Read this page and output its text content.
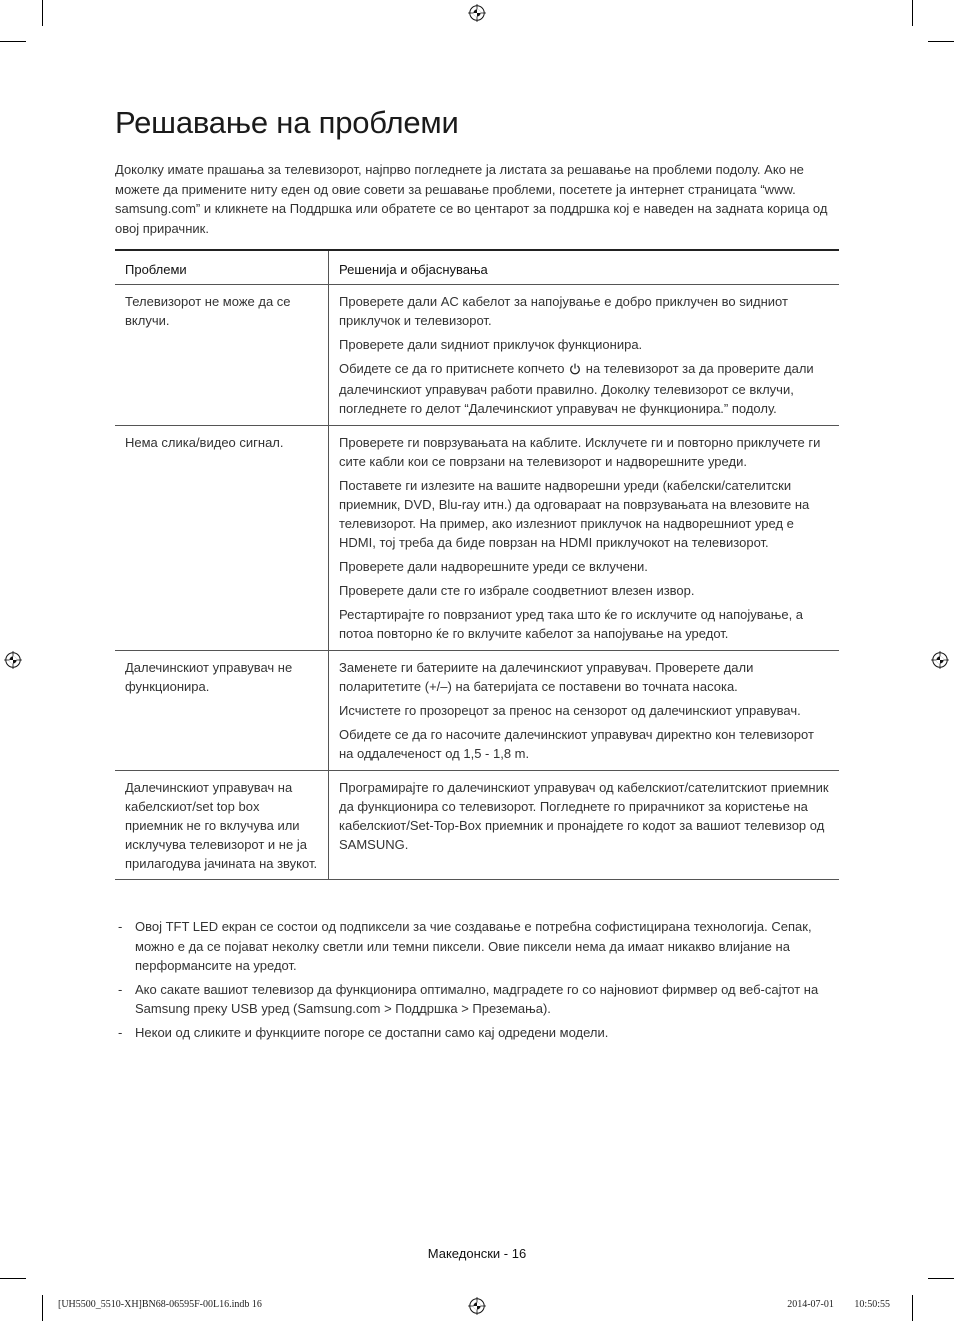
Решавање на проблеми

Доколку имате прашања за телевизорот, најпрво погледнете ја листата за решавање на проблеми подолу. Ако не можете да примените ниту еден од овие совети за решавање проблеми, посетете ја интернет страницата “www. samsung.com” и кликнете на Поддршка или обратете се во центарот за поддршка кој е наведен на задната корица од овој прирачник.

Проблеми	Решенија и објаснувања
Телевизорот не може да се вклучи.	Проверете дали AC кабелот за напојување е добро приклучен во ѕидниот приклучок и телевизорот.

Проверете дали ѕидниот приклучок функционира.

Обидете се да го притиснете копчето на телевизорот за да проверите дали далечинскиот управувач работи правилно. Доколку телевизорот се вклучи, погледнете го делот “Далечинскиот управувач не функционира.” подолу.

Нема слика/видео сигнал.	Проверете ги поврзувањата на каблите. Исклучете ги и повторно приклучете ги сите кабли кои се поврзани на телевизорот и надворешните уреди.

Поставете ги излезите на вашите надворешни уреди (кабелски/сателитски приемник, DVD, Blu-ray итн.) да одговараат на поврзувањата на влезовите на телевизорот. На пример, ако излезниот приклучок на надворешниот уред е HDMI, тој треба да биде поврзан на HDMI приклучокот на телевизорот.

Проверете дали надворешните уреди се вклучени.

Проверете дали сте го избрале соодветниот влезен извор.

Рестартирајте го поврзаниот уред така што ќе го исклучите од напојување, а потоа повторно ќе го вклучите кабелот за напојување на уредот.

Далечинскиот управувач не функционира.	Заменете ги батериите на далечинскиот управувач. Проверете дали поларитетите (+/–) на батеријата се поставени во точната насока.

Исчистете го прозорецот за пренос на сензорот од далечинскиот управувач.

Обидете се да го насочите далечинскиот управувач директно кон телевизорот на оддалеченост од 1,5 - 1,8 m.

Далечинскиот управувач на кабелскиот/set top box приемник не го вклучува или исклучува телевизорот и не ја прилагодува јачината на звукот.	Програмирајте го далечинскиот управувач од кабелскиот/сателитскиот приемник да функционира со телевизорот. Погледнете го прирачникот за користење на кабелскиот/Set-Top-Box приемник и пронајдете го кодот за вашиот телевизор од SAMSUNG.

- Овој TFT LED екран се состои од подпиксели за чие создавање е потребна софистицирана технологија. Сепак, можно е да се појават неколку светли или темни пиксели. Овие пиксели нема да имаат никакво влијание на перформансите на уредот.
- Ако сакате вашиот телевизор да функционира оптимално, мадградете го со најновиот фирмвер од веб-сајтот на Samsung преку USB уред (Samsung.com > Поддршка > Преземања).
- Некои од сликите и функциите погоре се достапни само кај одредени модели.
Македонски - 16
[UH5500_5510-XH]BN68-06595F-00L16.indb 16	2014-07-01 ￿￿ 10:50:55
